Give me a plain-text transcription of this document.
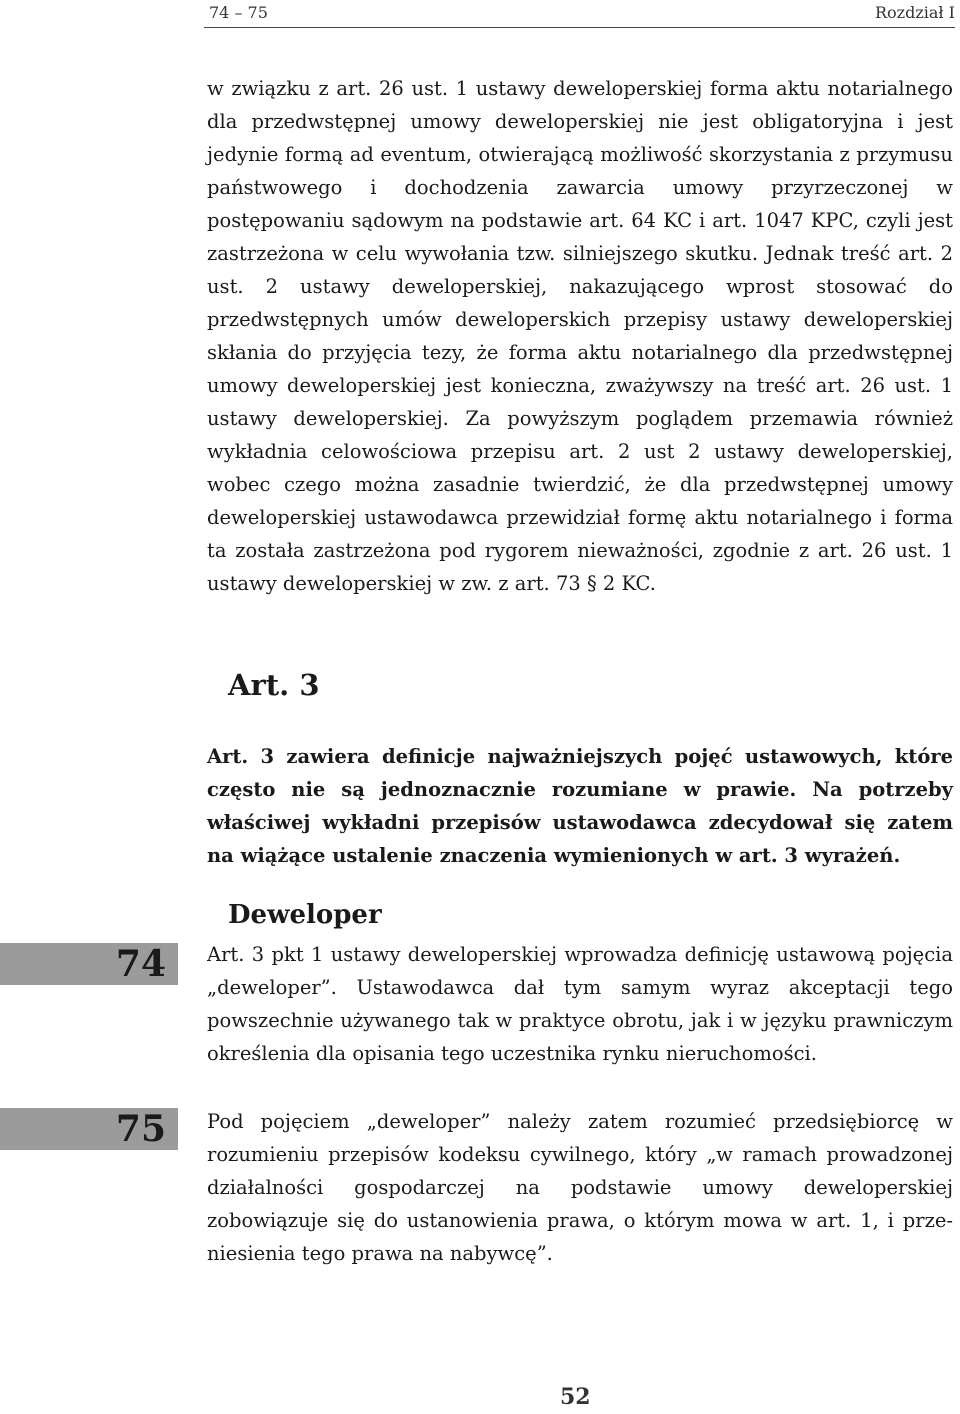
74 – 75	Rozdział I

w związku z art. 26 ust. 1 ustawy deweloperskiej forma aktu notarialnego dla przedwstępnej umowy deweloperskiej nie jest obligatoryjna i jest jedynie formą ad eventum, otwierającą możliwość skorzystania z przymusu państwowego i dochodzenia zawarcia umowy przyrzeczonej w postępowaniu sądowym na podstawie art. 64 KC i art. 1047 KPC, czyli jest zastrzeżona w celu wywołania tzw. silniejszego skutku. Jednak treść art. 2 ust. 2 ustawy deweloperskiej, nakazującego wprost stosować do przedwstępnych umów deweloperskich przepisy ustawy deweloperskiej skłania do przyjęcia tezy, że forma aktu notarialnego dla przedwstępnej umowy deweloperskiej jest konieczna, zważywszy na treść art. 26 ust. 1 ustawy deweloperskiej. Za powyższym poglądem przemawia również wykładnia celowościowa przepisu art. 2 ust 2 ustawy deweloperskiej, wobec czego można zasadnie twierdzić, że dla przedwstępnej umowy deweloperskiej ustawodawca przewidział formę aktu notarialnego i forma ta została zastrzeżona pod rygorem nieważności, zgodnie z art. 26 ust. 1 ustawy deweloperskiej w zw. z art. 73 § 2 KC.

Art. 3

Art. 3 zawiera definicje najważniejszych pojęć ustawowych, które często nie są jednoznacznie rozumiane w prawie. Na potrzeby właściwej wykładni przepisów ustawodawca zdecydował się zatem na wiążące ustalenie znaczenia wymienionych w art. 3 wyrażeń.

Deweloper
74	Art. 3 pkt 1 ustawy deweloperskiej wprowadza definicję ustawową pojęcia „deweloper”. Ustawodawca dał tym samym wyraz akceptacji tego powszechnie używanego tak w praktyce obrotu, jak i w języku prawniczym określenia dla opisania tego uczestnika rynku nieruchomości.

75	Pod pojęciem „deweloper” należy zatem rozumieć przedsiębiorcę w rozumieniu przepisów kodeksu cywilnego, który „w ramach prowadzonej działalności gospodarczej na podstawie umowy deweloperskiej zobowiązuje się do ustanowienia prawa, o którym mowa w art. 1, i przeniesienia tego prawa na nabywcę”.

52
